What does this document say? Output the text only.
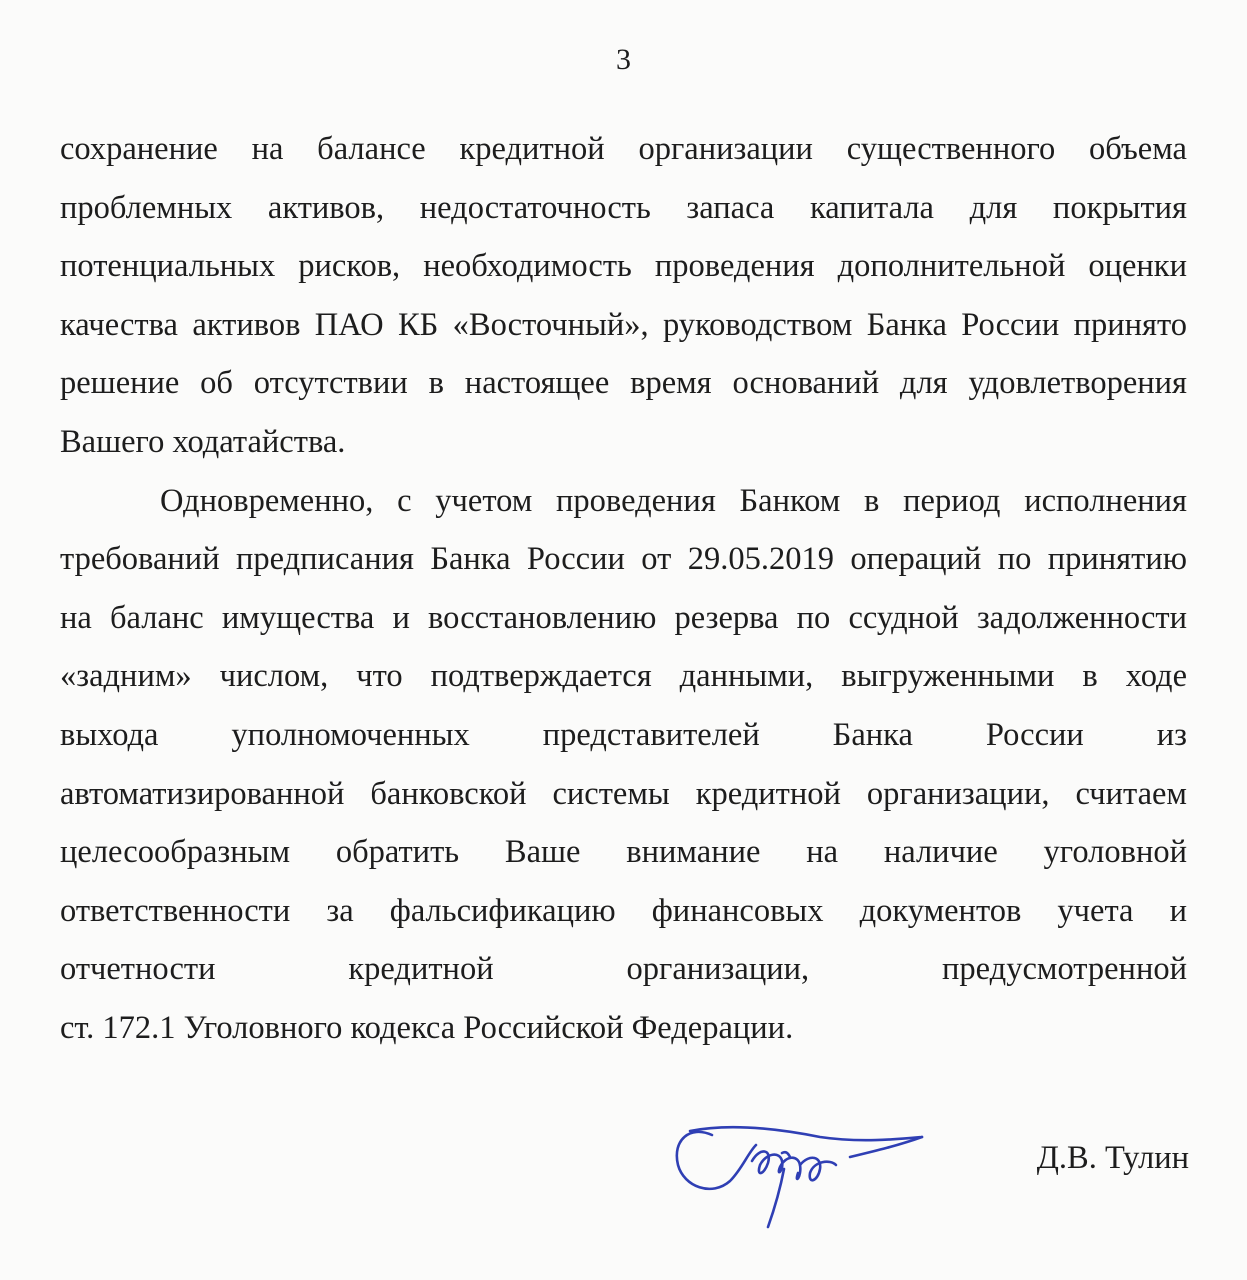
3

сохранение на балансе кредитной организации существенного объема
проблемных активов, недостаточность запаса капитала для покрытия
потенциальных рисков, необходимость проведения дополнительной оценки
качества активов ПАО КБ «Восточный», руководством Банка России принято
решение об отсутствии в настоящее время оснований для удовлетворения
Вашего ходатайства.

Одновременно, с учетом проведения Банком в период исполнения
требований предписания Банка России от 29.05.2019 операций по принятию
на баланс имущества и восстановлению резерва по ссудной задолженности
«задним» числом, что подтверждается данными, выгруженными в ходе
выхода уполномоченных представителей Банка России из
автоматизированной банковской системы кредитной организации, считаем
целесообразным обратить Ваше внимание на наличие уголовной
ответственности за фальсификацию финансовых документов учета и
отчетности кредитной организации, предусмотренной
ст. 172.1 Уголовного кодекса Российской Федерации.

Д.В. Тулин
